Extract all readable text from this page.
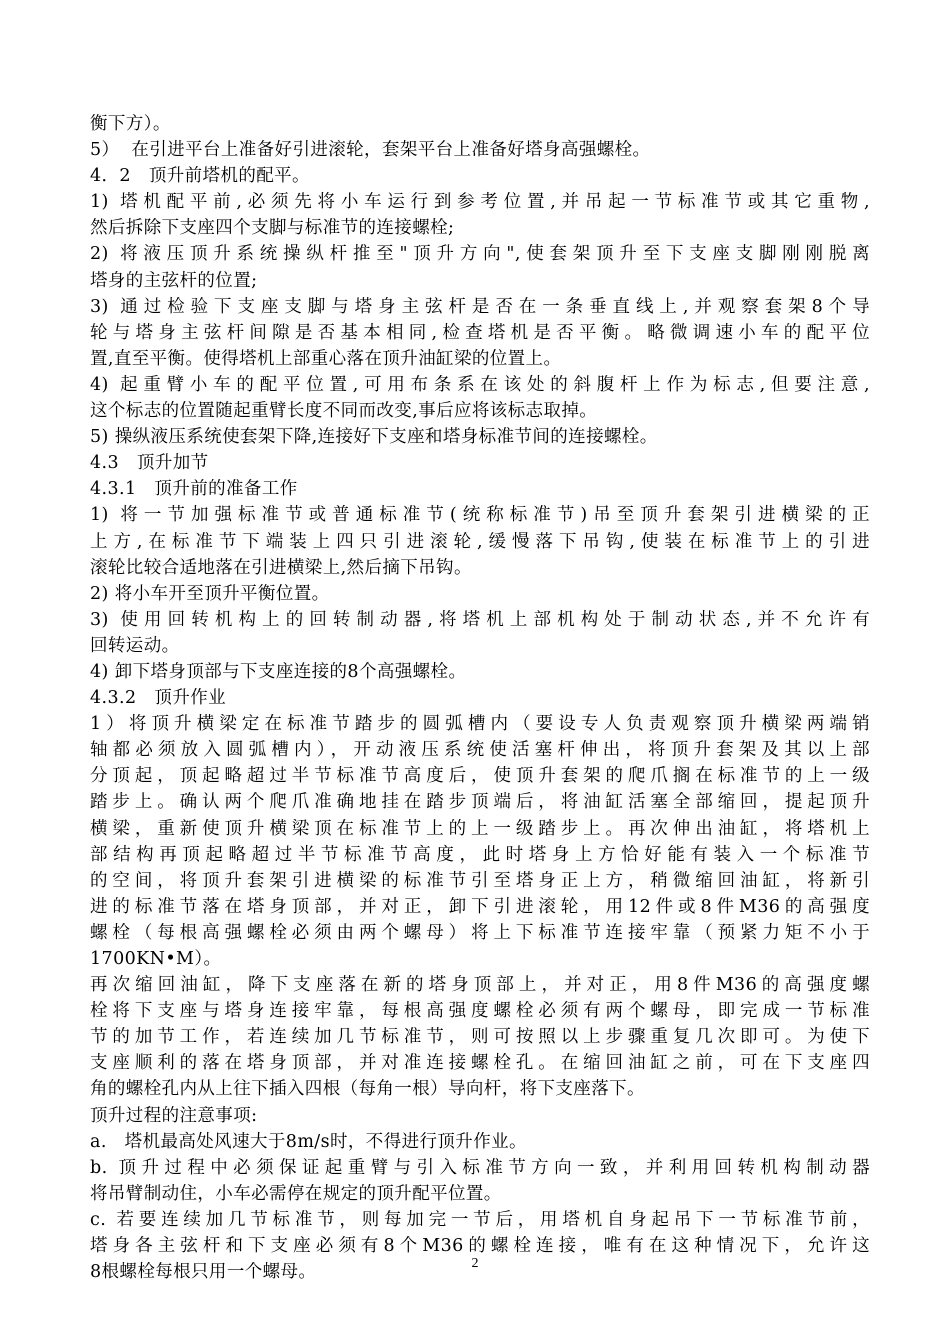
衡下方）。
5）  在引进平台上准备好引进滚轮，套架平台上准备好塔身高强螺栓。
4．2   顶升前塔机的配平。
1) 塔机配平前,必须先将小车运行到参考位置,并吊起一节标准节或其它重物,
然后拆除下支座四个支脚与标准节的连接螺栓;
2) 将液压顶升系统操纵杆推至"顶升方向",使套架顶升至下支座支脚刚刚脱离
塔身的主弦杆的位置;
3) 通过检验下支座支脚与塔身主弦杆是否在一条垂直线上,并观察套架8个导
轮与塔身主弦杆间隙是否基本相同,检查塔机是否平衡。略微调速小车的配平位
置,直至平衡。使得塔机上部重心落在顶升油缸梁的位置上。
4) 起重臂小车的配平位置,可用布条系在该处的斜腹杆上作为标志,但要注意,
这个标志的位置随起重臂长度不同而改变,事后应将该标志取掉。
5) 操纵液压系统使套架下降,连接好下支座和塔身标准节间的连接螺栓。
4.3   顶升加节
4.3.1   顶升前的准备工作
1) 将一节加强标准节或普通标准节(统称标准节)吊至顶升套架引进横梁的正
上方,在标准节下端装上四只引进滚轮,缓慢落下吊钩,使装在标准节上的引进
滚轮比较合适地落在引进横梁上,然后摘下吊钩。
2) 将小车开至顶升平衡位置。
3) 使用回转机构上的回转制动器,将塔机上部机构处于制动状态,并不允许有
回转运动。
4) 卸下塔身顶部与下支座连接的8个高强螺栓。
4.3.2   顶升作业
1）将顶升横梁定在标准节踏步的圆弧槽内（要设专人负责观察顶升横梁两端销
轴都必须放入圆弧槽内），开动液压系统使活塞杆伸出，将顶升套架及其以上部
分顶起，顶起略超过半节标准节高度后，使顶升套架的爬爪搁在标准节的上一级
踏步上。确认两个爬爪准确地挂在踏步顶端后，将油缸活塞全部缩回，提起顶升
横梁，重新使顶升横梁顶在标准节上的上一级踏步上。再次伸出油缸，将塔机上
部结构再顶起略超过半节标准节高度，此时塔身上方恰好能有装入一个标准节
的空间，将顶升套架引进横梁的标准节引至塔身正上方，稍微缩回油缸，将新引
进的标准节落在塔身顶部，并对正，卸下引进滚轮，用12件或8件M36的高强度
螺栓（每根高强螺栓必须由两个螺母）将上下标准节连接牢靠（预紧力矩不小于
1700KN•M）。
再次缩回油缸，降下支座落在新的塔身顶部上，并对正，用8件M36的高强度螺
栓将下支座与塔身连接牢靠，每根高强度螺栓必须有两个螺母，即完成一节标准
节的加节工作，若连续加几节标准节，则可按照以上步骤重复几次即可。为使下
支座顺利的落在塔身顶部，并对准连接螺栓孔。在缩回油缸之前，可在下支座四
角的螺栓孔内从上往下插入四根（每角一根）导向杆，将下支座落下。
顶升过程的注意事项:
a.   塔机最高处风速大于8m/s时，不得进行顶升作业。
b. 顶升过程中必须保证起重臂与引入标准节方向一致，并利用回转机构制动器
将吊臂制动住，小车必需停在规定的顶升配平位置。
c. 若要连续加几节标准节，则每加完一节后，用塔机自身起吊下一节标准节前，
塔身各主弦杆和下支座必须有8个M36的螺栓连接，唯有在这种情况下，允许这
8根螺栓每根只用一个螺母。	2
